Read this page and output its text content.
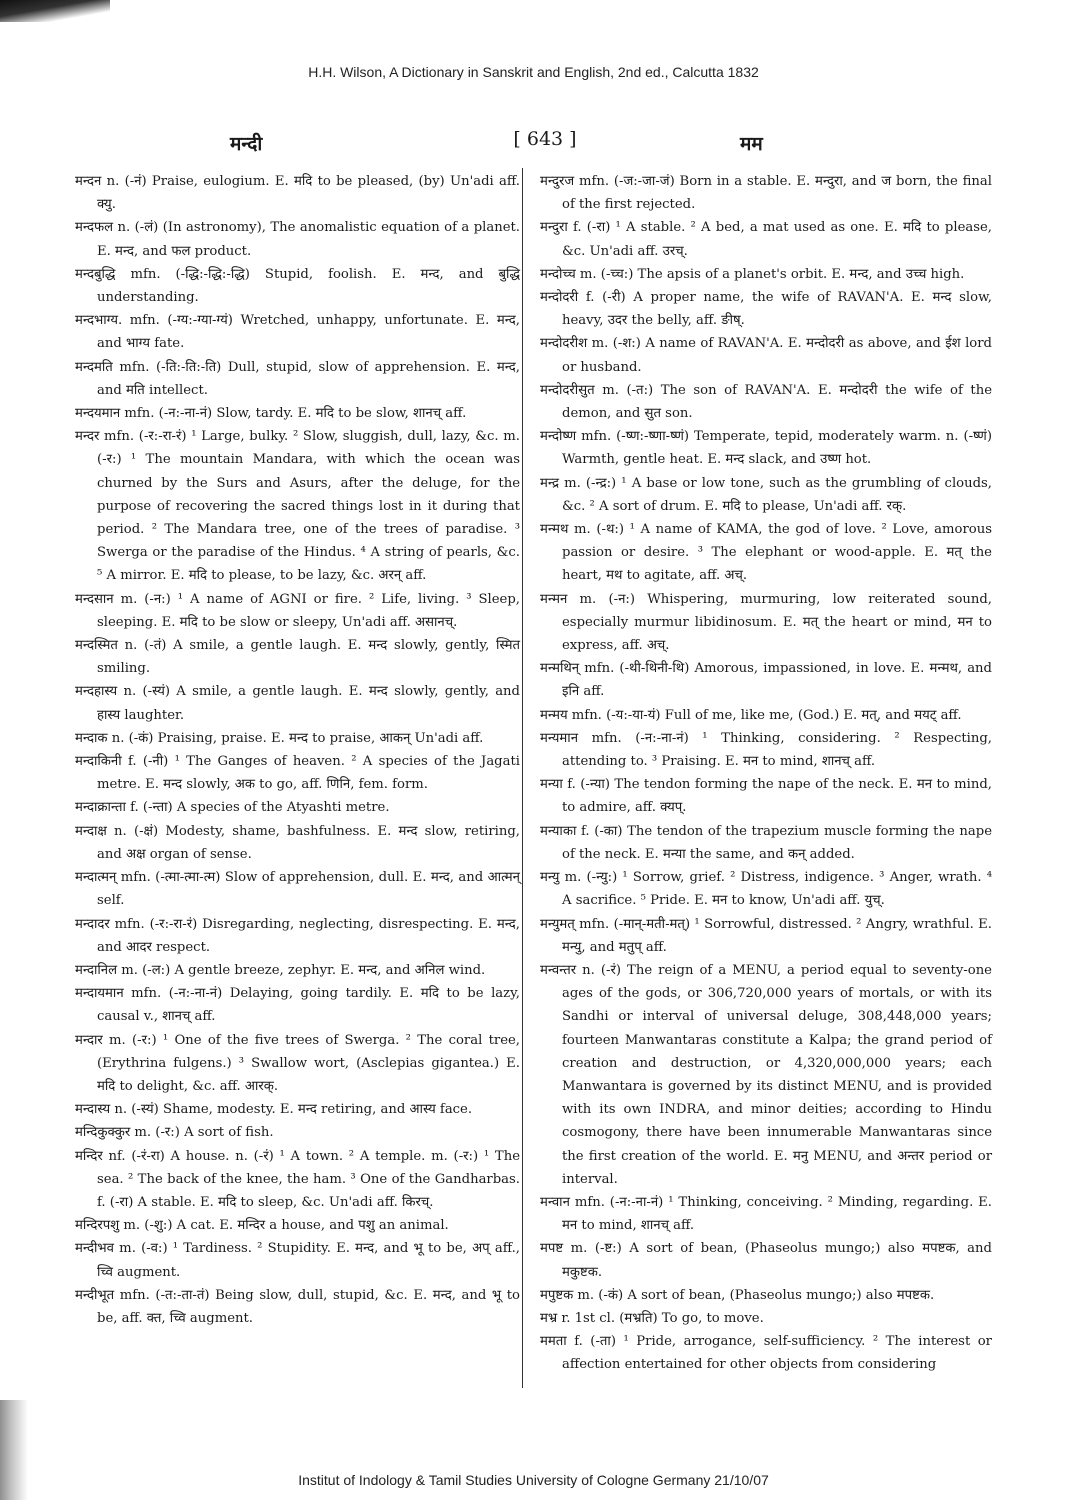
H.H. Wilson, A Dictionary in Sanskrit and English, 2nd ed., Calcutta 1832
मन्दी	[ 643 ]	मम

मन्दन n. (-नं) Praise, eulogium. E. मदि to be pleased, (by) Un'adi aff. क्यु.

मन्दफल n. (-लं) (In astronomy), The anomalistic equation of a planet. E. मन्द, and फल product.

मन्दबुद्धि mfn. (-द्धि:-द्धि:-द्धि) Stupid, foolish. E. मन्द, and बुद्धि understanding.

मन्दभाग्य. mfn. (-ग्य:-ग्या-ग्यं) Wretched, unhappy, unfortunate. E. मन्द, and भाग्य fate.

मन्दमति mfn. (-ति:-ति:-ति) Dull, stupid, slow of apprehension. E. मन्द, and मति intellect.

मन्दयमान mfn. (-न:-ना-नं) Slow, tardy. E. मदि to be slow, शानच् aff.

मन्दर mfn. (-र:-रा-रं) ¹ Large, bulky. ² Slow, sluggish, dull, lazy, &c. m. (-र:) ¹ The mountain Mandara, with which the ocean was churned by the Surs and Asurs, after the deluge, for the purpose of recovering the sacred things lost in it during that period. ² The Mandara tree, one of the trees of paradise. ³ Swerga or the paradise of the Hindus. ⁴ A string of pearls, &c. ⁵ A mirror. E. मदि to please, to be lazy, &c. अरन् aff.

मन्दसान m. (-न:) ¹ A name of AGNI or fire. ² Life, living. ³ Sleep, sleeping. E. मदि to be slow or sleepy, Un'adi aff. असानच्.

मन्दस्मित n. (-तं) A smile, a gentle laugh. E. मन्द slowly, gently, स्मित smiling.

मन्दहास्य n. (-स्यं) A smile, a gentle laugh. E. मन्द slowly, gently, and हास्य laughter.

मन्दाक n. (-कं) Praising, praise. E. मन्द to praise, आकन् Un'adi aff.

मन्दाकिनी f. (-नी) ¹ The Ganges of heaven. ² A species of the Jagati metre. E. मन्द slowly, अक to go, aff. णिनि, fem. form.

मन्दाक्रान्ता f. (-न्ता) A species of the Atyashti metre.

मन्दाक्ष n. (-क्षं) Modesty, shame, bashfulness. E. मन्द slow, retiring, and अक्ष organ of sense.

मन्दात्मन् mfn. (-त्मा-त्मा-त्म) Slow of apprehension, dull. E. मन्द, and आत्मन् self.

मन्दादर mfn. (-र:-रा-रं) Disregarding, neglecting, disrespecting. E. मन्द, and आदर respect.

मन्दानिल m. (-ल:) A gentle breeze, zephyr. E. मन्द, and अनिल wind.

मन्दायमान mfn. (-न:-ना-नं) Delaying, going tardily. E. मदि to be lazy, causal v., शानच् aff.

मन्दार m. (-र:) ¹ One of the five trees of Swerga. ² The coral tree, (Erythrina fulgens.) ³ Swallow wort, (Asclepias gigantea.) E. मदि to delight, &c. aff. आरक्.

मन्दास्य n. (-स्यं) Shame, modesty. E. मन्द retiring, and आस्य face.

मन्दिकुक्कुर m. (-र:) A sort of fish.

मन्दिर nf. (-रं-रा) A house. n. (-रं) ¹ A town. ² A temple. m. (-र:) ¹ The sea. ² The back of the knee, the ham. ³ One of the Gandharbas. f. (-रा) A stable. E. मदि to sleep, &c. Un'adi aff. किरच्.

मन्दिरपशु m. (-शु:) A cat. E. मन्दिर a house, and पशु an animal.

मन्दीभव m. (-व:) ¹ Tardiness. ² Stupidity. E. मन्द, and भू to be, अप् aff., च्वि augment.

मन्दीभूत mfn. (-त:-ता-तं) Being slow, dull, stupid, &c. E. मन्द, and भू to be, aff. क्त, च्वि augment.

मन्दुरज mfn. (-ज:-जा-जं) Born in a stable. E. मन्दुरा, and ज born, the final of the first rejected.

मन्दुरा f. (-रा) ¹ A stable. ² A bed, a mat used as one. E. मदि to please, &c. Un'adi aff. उरच्.

मन्दोच्च m. (-च्च:) The apsis of a planet's orbit. E. मन्द, and उच्च high.

मन्दोदरी f. (-री) A proper name, the wife of RAVAN'A. E. मन्द slow, heavy, उदर the belly, aff. ङीष्.

मन्दोदरीश m. (-श:) A name of RAVAN'A. E. मन्दोदरी as above, and ईश lord or husband.

मन्दोदरीसुत m. (-त:) The son of RAVAN'A. E. मन्दोदरी the wife of the demon, and सुत son.

मन्दोष्ण mfn. (-ष्ण:-ष्णा-ष्णं) Temperate, tepid, moderately warm. n. (-ष्णं) Warmth, gentle heat. E. मन्द slack, and उष्ण hot.

मन्द्र m. (-न्द्र:) ¹ A base or low tone, such as the grumbling of clouds, &c. ² A sort of drum. E. मदि to please, Un'adi aff. रक्.

मन्मथ m. (-थ:) ¹ A name of KAMA, the god of love. ² Love, amorous passion or desire. ³ The elephant or wood-apple. E. मत् the heart, मथ to agitate, aff. अच्.

मन्मन m. (-न:) Whispering, murmuring, low reiterated sound, especially murmur libidinosum. E. मत् the heart or mind, मन to express, aff. अच्.

मन्मथिन् mfn. (-थी-थिनी-थि) Amorous, impassioned, in love. E. मन्मथ, and इनि aff.

मन्मय mfn. (-य:-या-यं) Full of me, like me, (God.) E. मत्, and मयट् aff.

मन्यमान mfn. (-न:-ना-नं) ¹ Thinking, considering. ² Respecting, attending to. ³ Praising. E. मन to mind, शानच् aff.

मन्या f. (-न्या) The tendon forming the nape of the neck. E. मन to mind, to admire, aff. क्यप्.

मन्याका f. (-का) The tendon of the trapezium muscle forming the nape of the neck. E. मन्या the same, and कन् added.

मन्यु m. (-न्यु:) ¹ Sorrow, grief. ² Distress, indigence. ³ Anger, wrath. ⁴ A sacrifice. ⁵ Pride. E. मन to know, Un'adi aff. युच्.

मन्युमत् mfn. (-मान्-मती-मत्) ¹ Sorrowful, distressed. ² Angry, wrathful. E. मन्यु, and मतुप् aff.

मन्वन्तर n. (-रं) The reign of a MENU, a period equal to seventy-one ages of the gods, or 306,720,000 years of mortals, or with its Sandhi or interval of universal deluge, 308,448,000 years; fourteen Manwantaras constitute a Kalpa; the grand period of creation and destruction, or 4,320,000,000 years; each Manwantara is governed by its distinct MENU, and is provided with its own INDRA, and minor deities; according to Hindu cosmogony, there have been innumerable Manwantaras since the first creation of the world. E. मनु MENU, and अन्तर period or interval.

मन्वान mfn. (-न:-ना-नं) ¹ Thinking, conceiving. ² Minding, regarding. E. मन to mind, शानच् aff.

मपष्ट m. (-ष्ट:) A sort of bean, (Phaseolus mungo;) also मपष्टक, and मकुष्टक.

मपुष्टक m. (-कं) A sort of bean, (Phaseolus mungo;) also मपष्टक.

मभ्र r. 1st cl. (मभ्रति) To go, to move.

ममता f. (-ता) ¹ Pride, arrogance, self-sufficiency. ² The interest or affection entertained for other objects from considering

Institut of Indology & Tamil Studies University of Cologne Germany 21/10/07
